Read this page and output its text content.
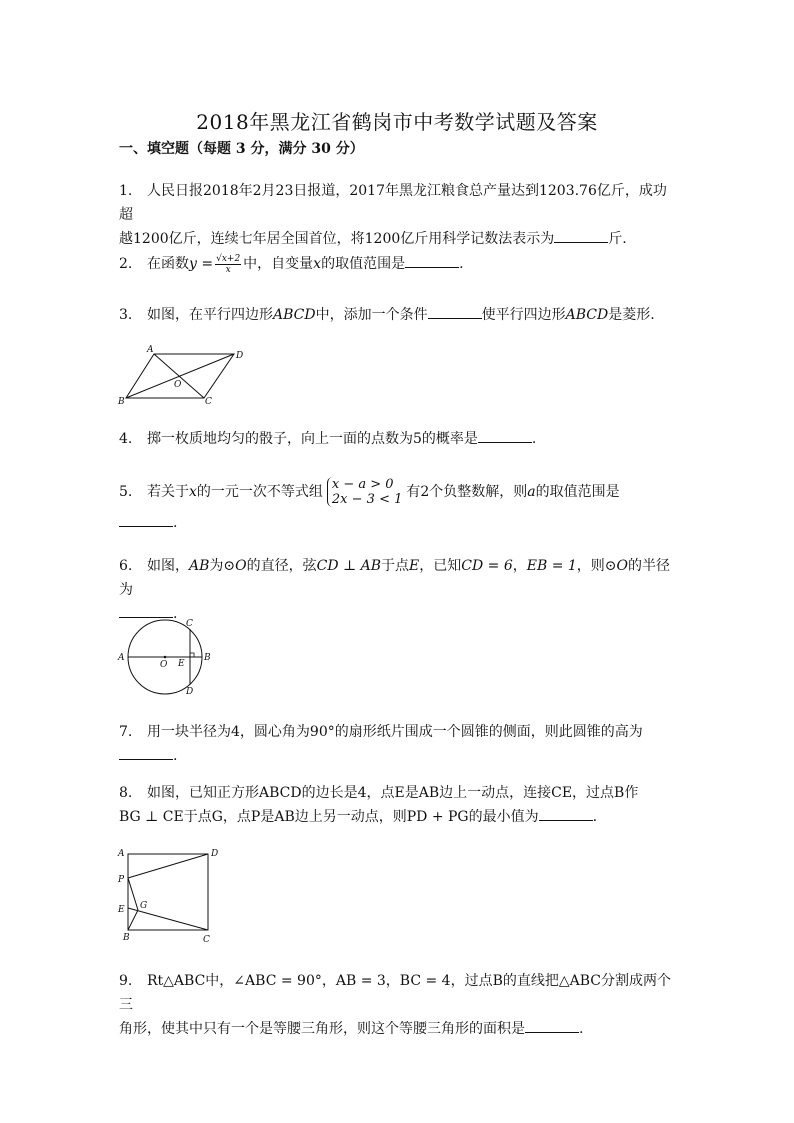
2018年黑龙江省鹤岗市中考数学试题及答案
一、填空题（每题 3 分，满分 30 分）
1. 人民日报2018年2月23日报道，2017年黑龙江粮食总产量达到1203.76亿斤，成功超
越1200亿斤，连续七年居全国首位，将1200亿斤用科学记数法表示为	斤.
2. 在函数$y = \frac{√x+2}{x}$ 中，自变量x的取值范围是	.
3. 如图，在平行四边形ABCD中，添加一个条件	使平行四边形ABCD是菱形.
A
D
B	C
O
4. 掷一枚质地均匀的骰子，向上一面的点数为5的概率是	.
5. 若关于x的一元一次不等式组 x − a > 0
2x − 3 < 1 有2个负整数解，则a的取值范围是
.
6. 如图，AB为⊙O的直径，弦CD ⊥ AB于点E，已知CD = 6，EB = 1，则⊙O的半径为
.
A	B
C
D
O E
7. 用一块半径为4，圆心角为90°的扇形纸片围成一个圆锥的侧面，则此圆锥的高为
.
8. 如图，已知正方形ABCD的边长是4，点E是AB边上一动点，连接CE，过点B作
BG ⊥ CE于点G，点P是AB边上另一动点，则PD + PG的最小值为	.
A	D
P
E G
B	C
9. Rt△ABC中，∠ABC = 90°，AB = 3，BC = 4，过点B的直线把△ABC分割成两个三
角形，使其中只有一个是等腰三角形，则这个等腰三角形的面积是	.
